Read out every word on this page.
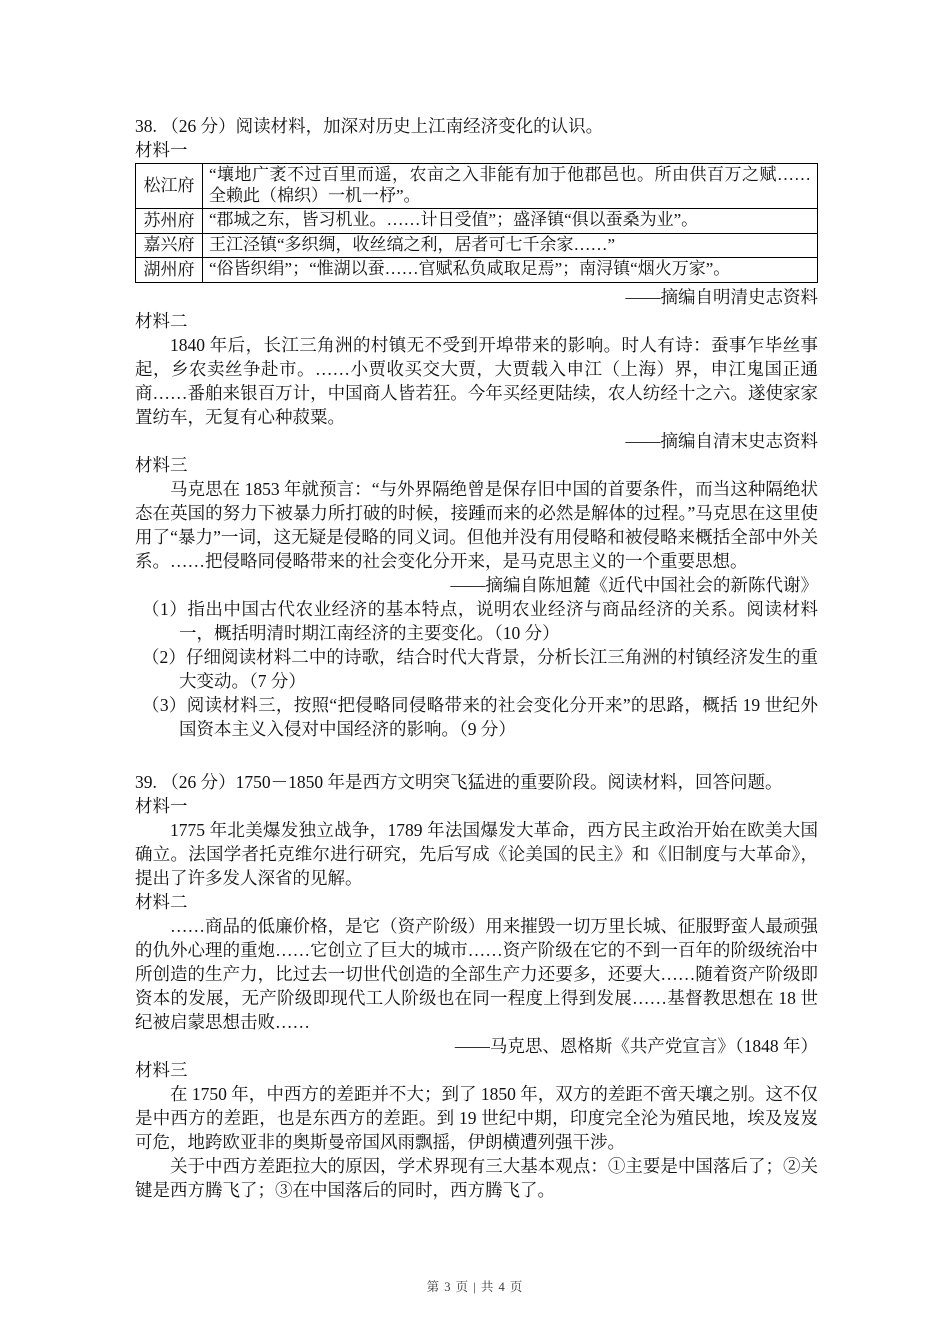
38. （26 分）阅读材料，加深对历史上江南经济变化的认识。

材料一

松江府	“壤地广袤不过百里而遥，农亩之入非能有加于他郡邑也。所由供百万之赋……全赖此（棉织）一机一杼”。
苏州府	“郡城之东，皆习机业。……计日受值”；盛泽镇“俱以蚕桑为业”。
嘉兴府	王江泾镇“多织绸，收丝缟之利，居者可七千余家……”
湖州府	“俗皆织绢”；“惟湖以蚕……官赋私负咸取足焉”；南浔镇“烟火万家”。

——摘编自明清史志资料

材料二

1840 年后，长江三角洲的村镇无不受到开埠带来的影响。时人有诗：蚕事乍毕丝事起，乡农卖丝争赴市。……小贾收买交大贾，大贾载入申江（上海）界，申江鬼国正通商……番舶来银百万计，中国商人皆若狂。今年买经更陆续，农人纺经十之六。遂使家家置纺车，无复有心种菽粟。

——摘编自清末史志资料

材料三

马克思在 1853 年就预言：“与外界隔绝曾是保存旧中国的首要条件，而当这种隔绝状态在英国的努力下被暴力所打破的时候，接踵而来的必然是解体的过程。”马克思在这里使用了“暴力”一词，这无疑是侵略的同义词。但他并没有用侵略和被侵略来概括全部中外关系。……把侵略同侵略带来的社会变化分开来，是马克思主义的一个重要思想。

——摘编自陈旭麓《近代中国社会的新陈代谢》

（1）指出中国古代农业经济的基本特点，说明农业经济与商品经济的关系。阅读材料一，概括明清时期江南经济的主要变化。（10 分）
（2）仔细阅读材料二中的诗歌，结合时代大背景，分析长江三角洲的村镇经济发生的重大变动。（7 分）
（3）阅读材料三，按照“把侵略同侵略带来的社会变化分开来”的思路，概括 19 世纪外国资本主义入侵对中国经济的影响。（9 分）

39. （26 分）1750－1850 年是西方文明突飞猛进的重要阶段。阅读材料，回答问题。

材料一

1775 年北美爆发独立战争，1789 年法国爆发大革命，西方民主政治开始在欧美大国确立。法国学者托克维尔进行研究，先后写成《论美国的民主》和《旧制度与大革命》，提出了许多发人深省的见解。

材料二

……商品的低廉价格，是它（资产阶级）用来摧毁一切万里长城、征服野蛮人最顽强的仇外心理的重炮……它创立了巨大的城市……资产阶级在它的不到一百年的阶级统治中所创造的生产力，比过去一切世代创造的全部生产力还要多，还要大……随着资产阶级即资本的发展，无产阶级即现代工人阶级也在同一程度上得到发展……基督教思想在 18 世纪被启蒙思想击败……

——马克思、恩格斯《共产党宣言》（1848 年）

材料三

在 1750 年，中西方的差距并不大；到了 1850 年，双方的差距不啻天壤之别。这不仅是中西方的差距，也是东西方的差距。到 19 世纪中期，印度完全沦为殖民地，埃及岌岌可危，地跨欧亚非的奥斯曼帝国风雨飘摇，伊朗横遭列强干涉。

关于中西方差距拉大的原因，学术界现有三大基本观点：①主要是中国落后了；②关键是西方腾飞了；③在中国落后的同时，西方腾飞了。

第 3 页 | 共 4 页
